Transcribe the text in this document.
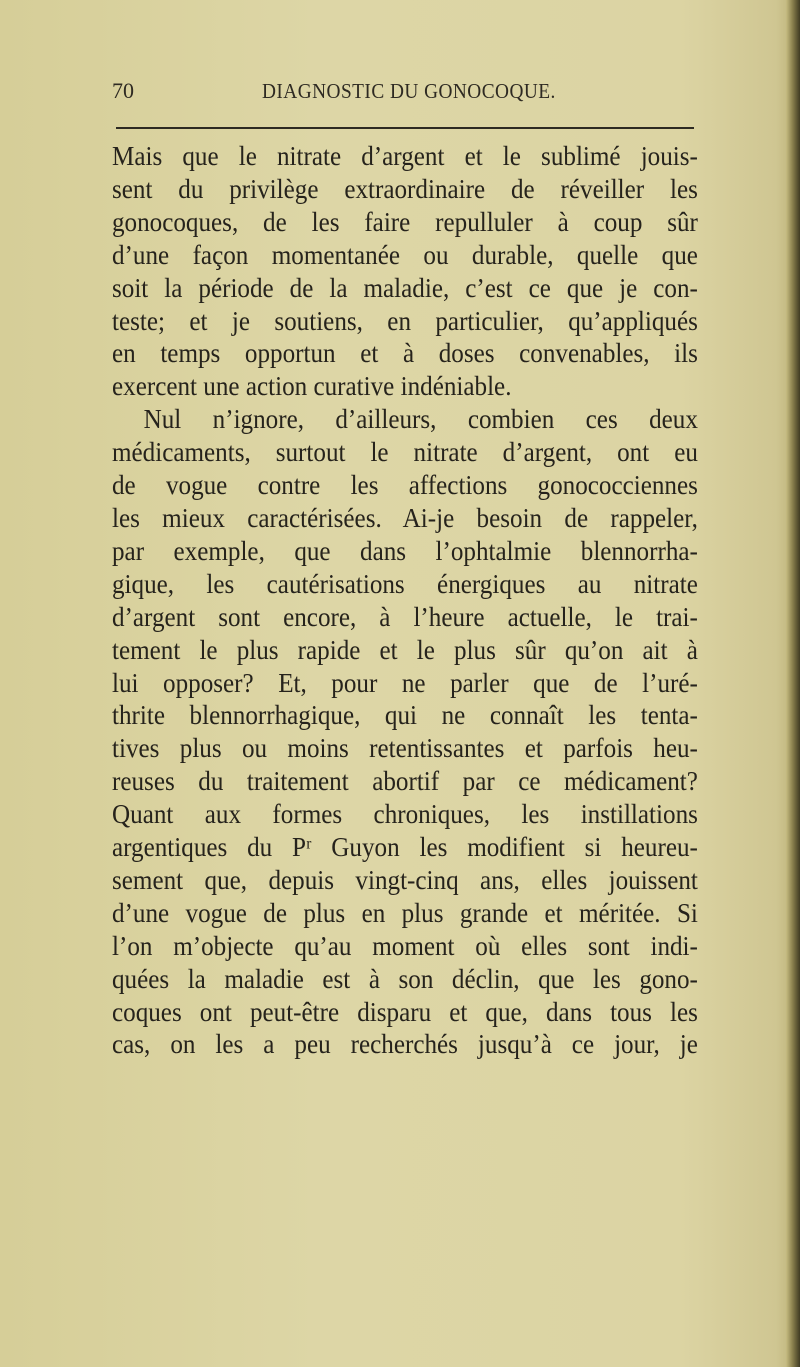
70	DIAGNOSTIC DU GONOCOQUE.
Mais que le nitrate d’argent et le sublimé jouis-
sent du privilège extraordinaire de réveiller les
gonocoques, de les faire repulluler à coup sûr
d’une façon momentanée ou durable, quelle que
soit la période de la maladie, c’est ce que je con-
teste; et je soutiens, en particulier, qu’appliqués
en temps opportun et à doses convenables, ils
exercent une action curative indéniable.
Nul n’ignore, d’ailleurs, combien ces deux
médicaments, surtout le nitrate d’argent, ont eu
de vogue contre les affections gonococciennes
les mieux caractérisées. Ai-je besoin de rappeler,
par exemple, que dans l’ophtalmie blennorrha-
gique, les cautérisations énergiques au nitrate
d’argent sont encore, à l’heure actuelle, le trai-
tement le plus rapide et le plus sûr qu’on ait à
lui opposer? Et, pour ne parler que de l’uré-
thrite blennorrhagique, qui ne connaît les tenta-
tives plus ou moins retentissantes et parfois heu-
reuses du traitement abortif par ce médicament?
Quant aux formes chroniques, les instillations
argentiques du Pʳ Guyon les modifient si heureu-
sement que, depuis vingt-cinq ans, elles jouissent
d’une vogue de plus en plus grande et méritée. Si
l’on m’objecte qu’au moment où elles sont indi-
quées la maladie est à son déclin, que les gono-
coques ont peut-être disparu et que, dans tous les
cas, on les a peu recherchés jusqu’à ce jour, je
